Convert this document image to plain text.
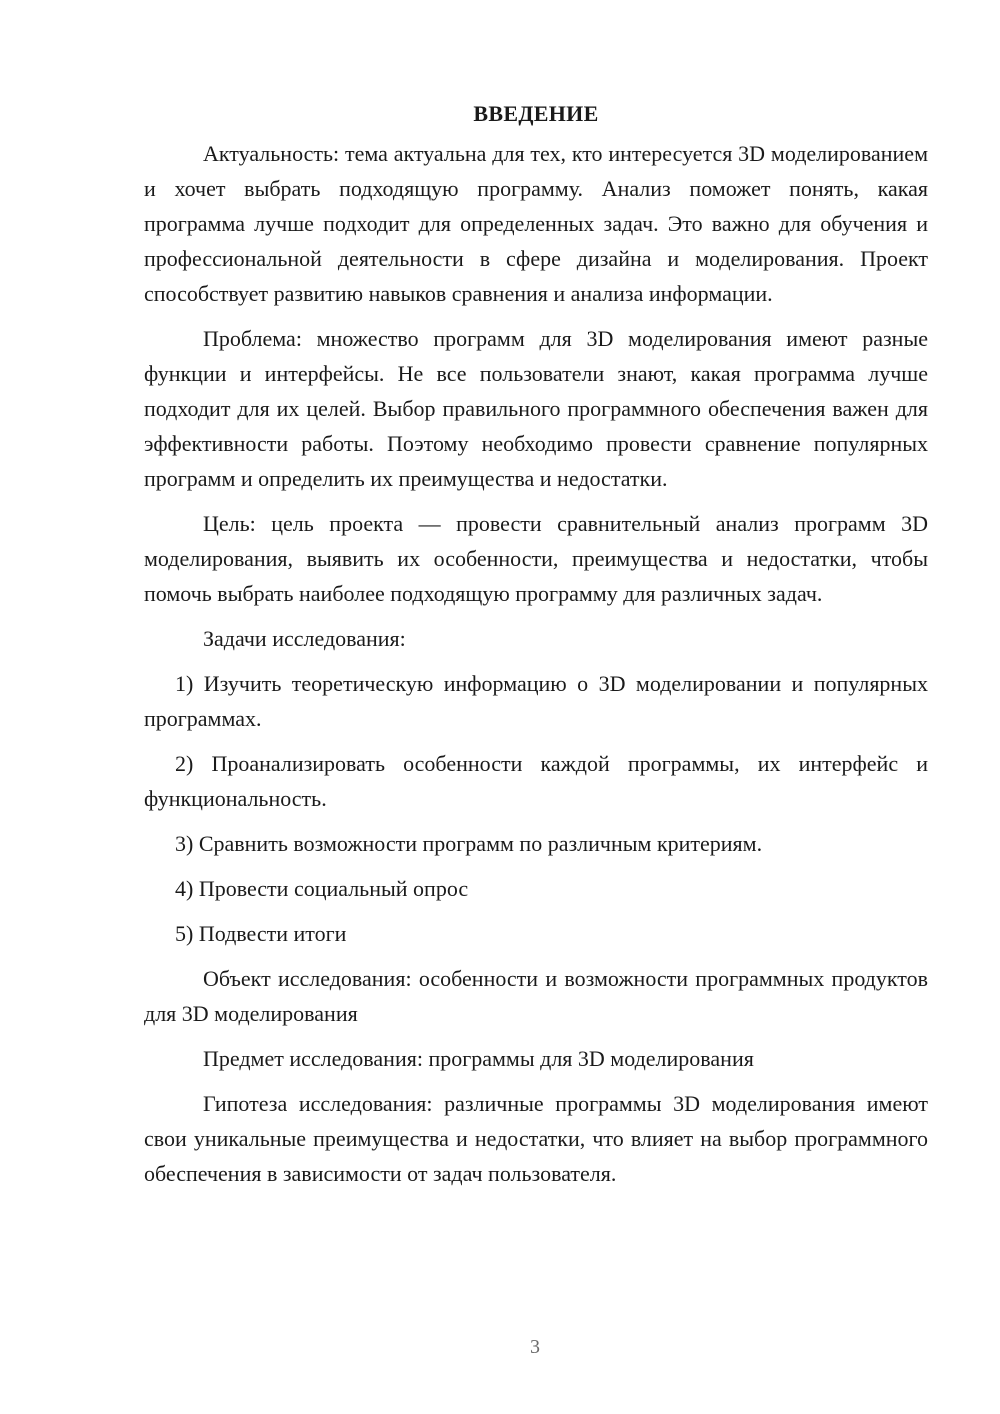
ВВЕДЕНИЕ

Актуальность: тема актуальна для тех, кто интересуется 3D моделированием и хочет выбрать подходящую программу. Анализ поможет понять, какая программа лучше подходит для определенных задач. Это важно для обучения и профессиональной деятельности в сфере дизайна и моделирования. Проект способствует развитию навыков сравнения и анализа информации.

Проблема: множество программ для 3D моделирования имеют разные функции и интерфейсы. Не все пользователи знают, какая программа лучше подходит для их целей. Выбор правильного программного обеспечения важен для эффективности работы. Поэтому необходимо провести сравнение популярных программ и определить их преимущества и недостатки.

Цель: цель проекта — провести сравнительный анализ программ 3D моделирования, выявить их особенности, преимущества и недостатки, чтобы помочь выбрать наиболее подходящую программу для различных задач.

Задачи исследования:

1) Изучить теоретическую информацию о 3D моделировании и популярных программах.

2) Проанализировать особенности каждой программы, их интерфейс и функциональность.

3) Сравнить возможности программ по различным критериям.

4) Провести социальный опрос

5) Подвести итоги

Объект исследования: особенности и возможности программных продуктов для 3D моделирования

Предмет исследования: программы для 3D моделирования

Гипотеза исследования: различные программы 3D моделирования имеют свои уникальные преимущества и недостатки, что влияет на выбор программного обеспечения в зависимости от задач пользователя.

3
